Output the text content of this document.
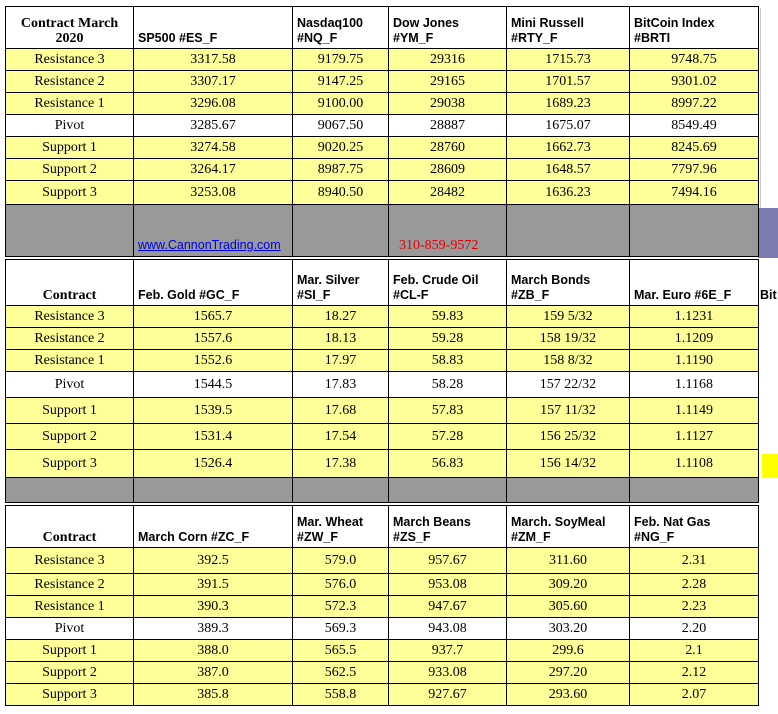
Bit
Contract March 2020	SP500 #ES_F	Nasdaq100 #NQ_F	Dow Jones #YM_F	Mini Russell #RTY_F	BitCoin Index #BRTI
Resistance 3	3317.58	9179.75	29316	1715.73	9748.75
Resistance 2	3307.17	9147.25	29165	1701.57	9301.02
Resistance 1	3296.08	9100.00	29038	1689.23	8997.22
Pivot	3285.67	9067.50	28887	1675.07	8549.49
Support 1	3274.58	9020.25	28760	1662.73	8245.69
Support 2	3264.17	8987.75	28609	1648.57	7797.96
Support 3	3253.08	8940.50	28482	1636.23	7494.16
	www.CannonTrading.com		310-859-9572		
Contract	Feb. Gold #GC_F	Mar. Silver #SI_F	Feb. Crude Oil #CL-F	March Bonds #ZB_F	Mar. Euro #6E_F
Resistance 3	1565.7	18.27	59.83	159 5/32	1.1231
Resistance 2	1557.6	18.13	59.28	158 19/32	1.1209
Resistance 1	1552.6	17.97	58.83	158 8/32	1.1190
Pivot	1544.5	17.83	58.28	157 22/32	1.1168
Support 1	1539.5	17.68	57.83	157 11/32	1.1149
Support 2	1531.4	17.54	57.28	156 25/32	1.1127
Support 3	1526.4	17.38	56.83	156 14/32	1.1108

Contract	March Corn #ZC_F	Mar. Wheat #ZW_F	March Beans #ZS_F	March. SoyMeal #ZM_F	Feb. Nat Gas #NG_F
Resistance 3	392.5	579.0	957.67	311.60	2.31
Resistance 2	391.5	576.0	953.08	309.20	2.28
Resistance 1	390.3	572.3	947.67	305.60	2.23
Pivot	389.3	569.3	943.08	303.20	2.20
Support 1	388.0	565.5	937.7	299.6	2.1
Support 2	387.0	562.5	933.08	297.20	2.12
Support 3	385.8	558.8	927.67	293.60	2.07
